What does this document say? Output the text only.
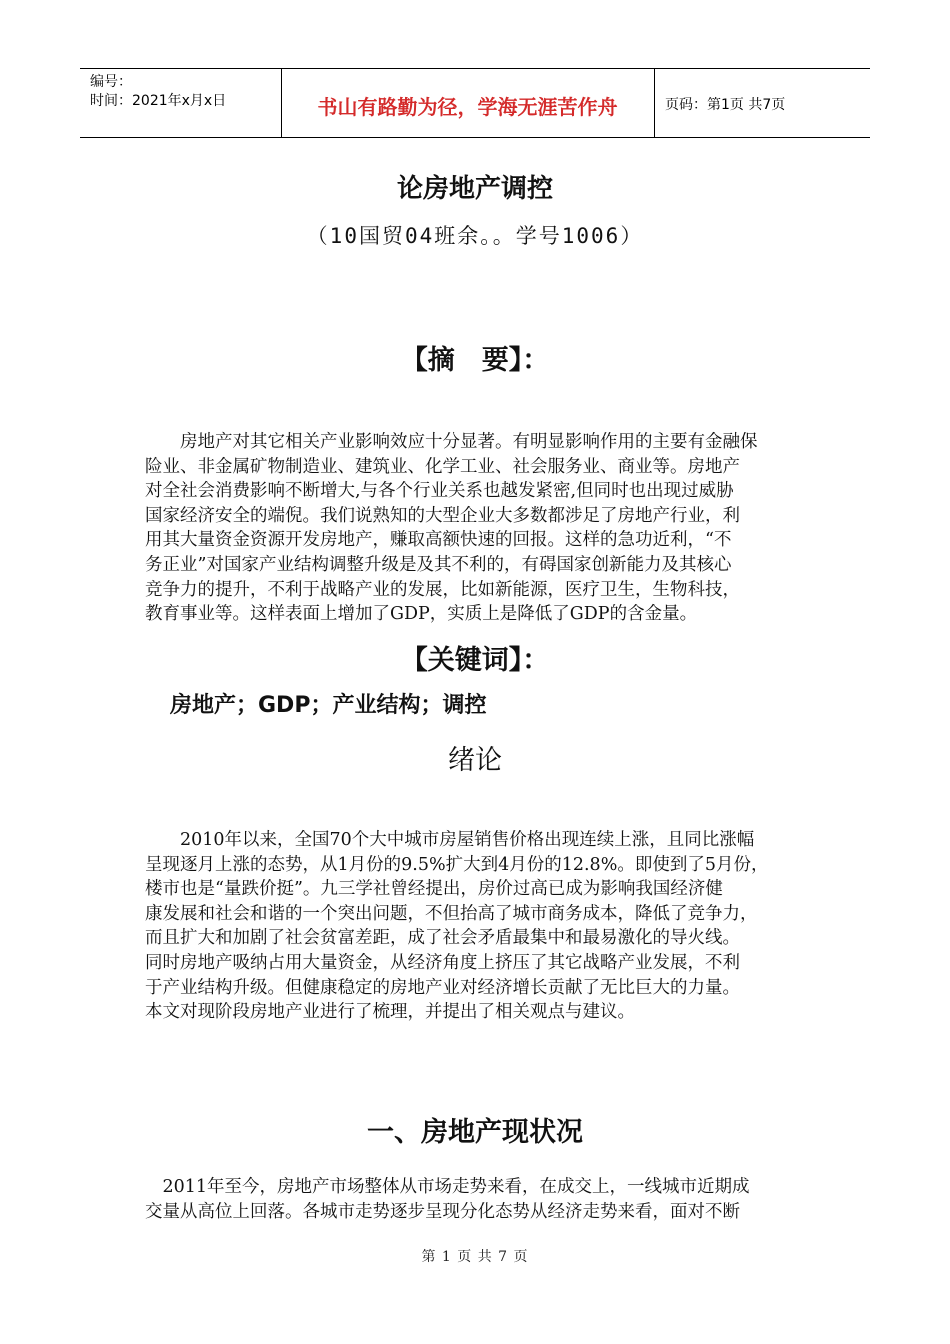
编号：
时间：2021年x月x日	书山有路勤为径，学海无涯苦作舟	页码：第1页 共7页
论房地产调控
（10国贸04班余。。学号1006）
【摘　要】：
　　房地产对其它相关产业影响效应十分显著。有明显影响作用的主要有金融保
险业、非金属矿物制造业、建筑业、化学工业、社会服务业、商业等。房地产
对全社会消费影响不断增大,与各个行业关系也越发紧密,但同时也出现过威胁
国家经济安全的端倪。我们说熟知的大型企业大多数都涉足了房地产行业，利
用其大量资金资源开发房地产，赚取高额快速的回报。这样的急功近利，“不
务正业”对国家产业结构调整升级是及其不利的，有碍国家创新能力及其核心
竞争力的提升，不利于战略产业的发展，比如新能源，医疗卫生，生物科技，
教育事业等。这样表面上增加了GDP，实质上是降低了GDP的含金量。
【关键词】：
房地产；GDP；产业结构；调控
绪论
　　2010年以来，全国70个大中城市房屋销售价格出现连续上涨，且同比涨幅
呈现逐月上涨的态势，从1月份的9.5%扩大到4月份的12.8%。即使到了5月份，
楼市也是“量跌价挺”。九三学社曾经提出，房价过高已成为影响我国经济健
康发展和社会和谐的一个突出问题，不但抬高了城市商务成本，降低了竞争力，
而且扩大和加剧了社会贫富差距，成了社会矛盾最集中和最易激化的导火线。
同时房地产吸纳占用大量资金，从经济角度上挤压了其它战略产业发展，不利
于产业结构升级。但健康稳定的房地产业对经济增长贡献了无比巨大的力量。
本文对现阶段房地产业进行了梳理，并提出了相关观点与建议。
一、房地产现状况
　2011年至今，房地产市场整体从市场走势来看，在成交上，一线城市近期成
交量从高位上回落。各城市走势逐步呈现分化态势从经济走势来看，面对不断
第 1 页 共 7 页
